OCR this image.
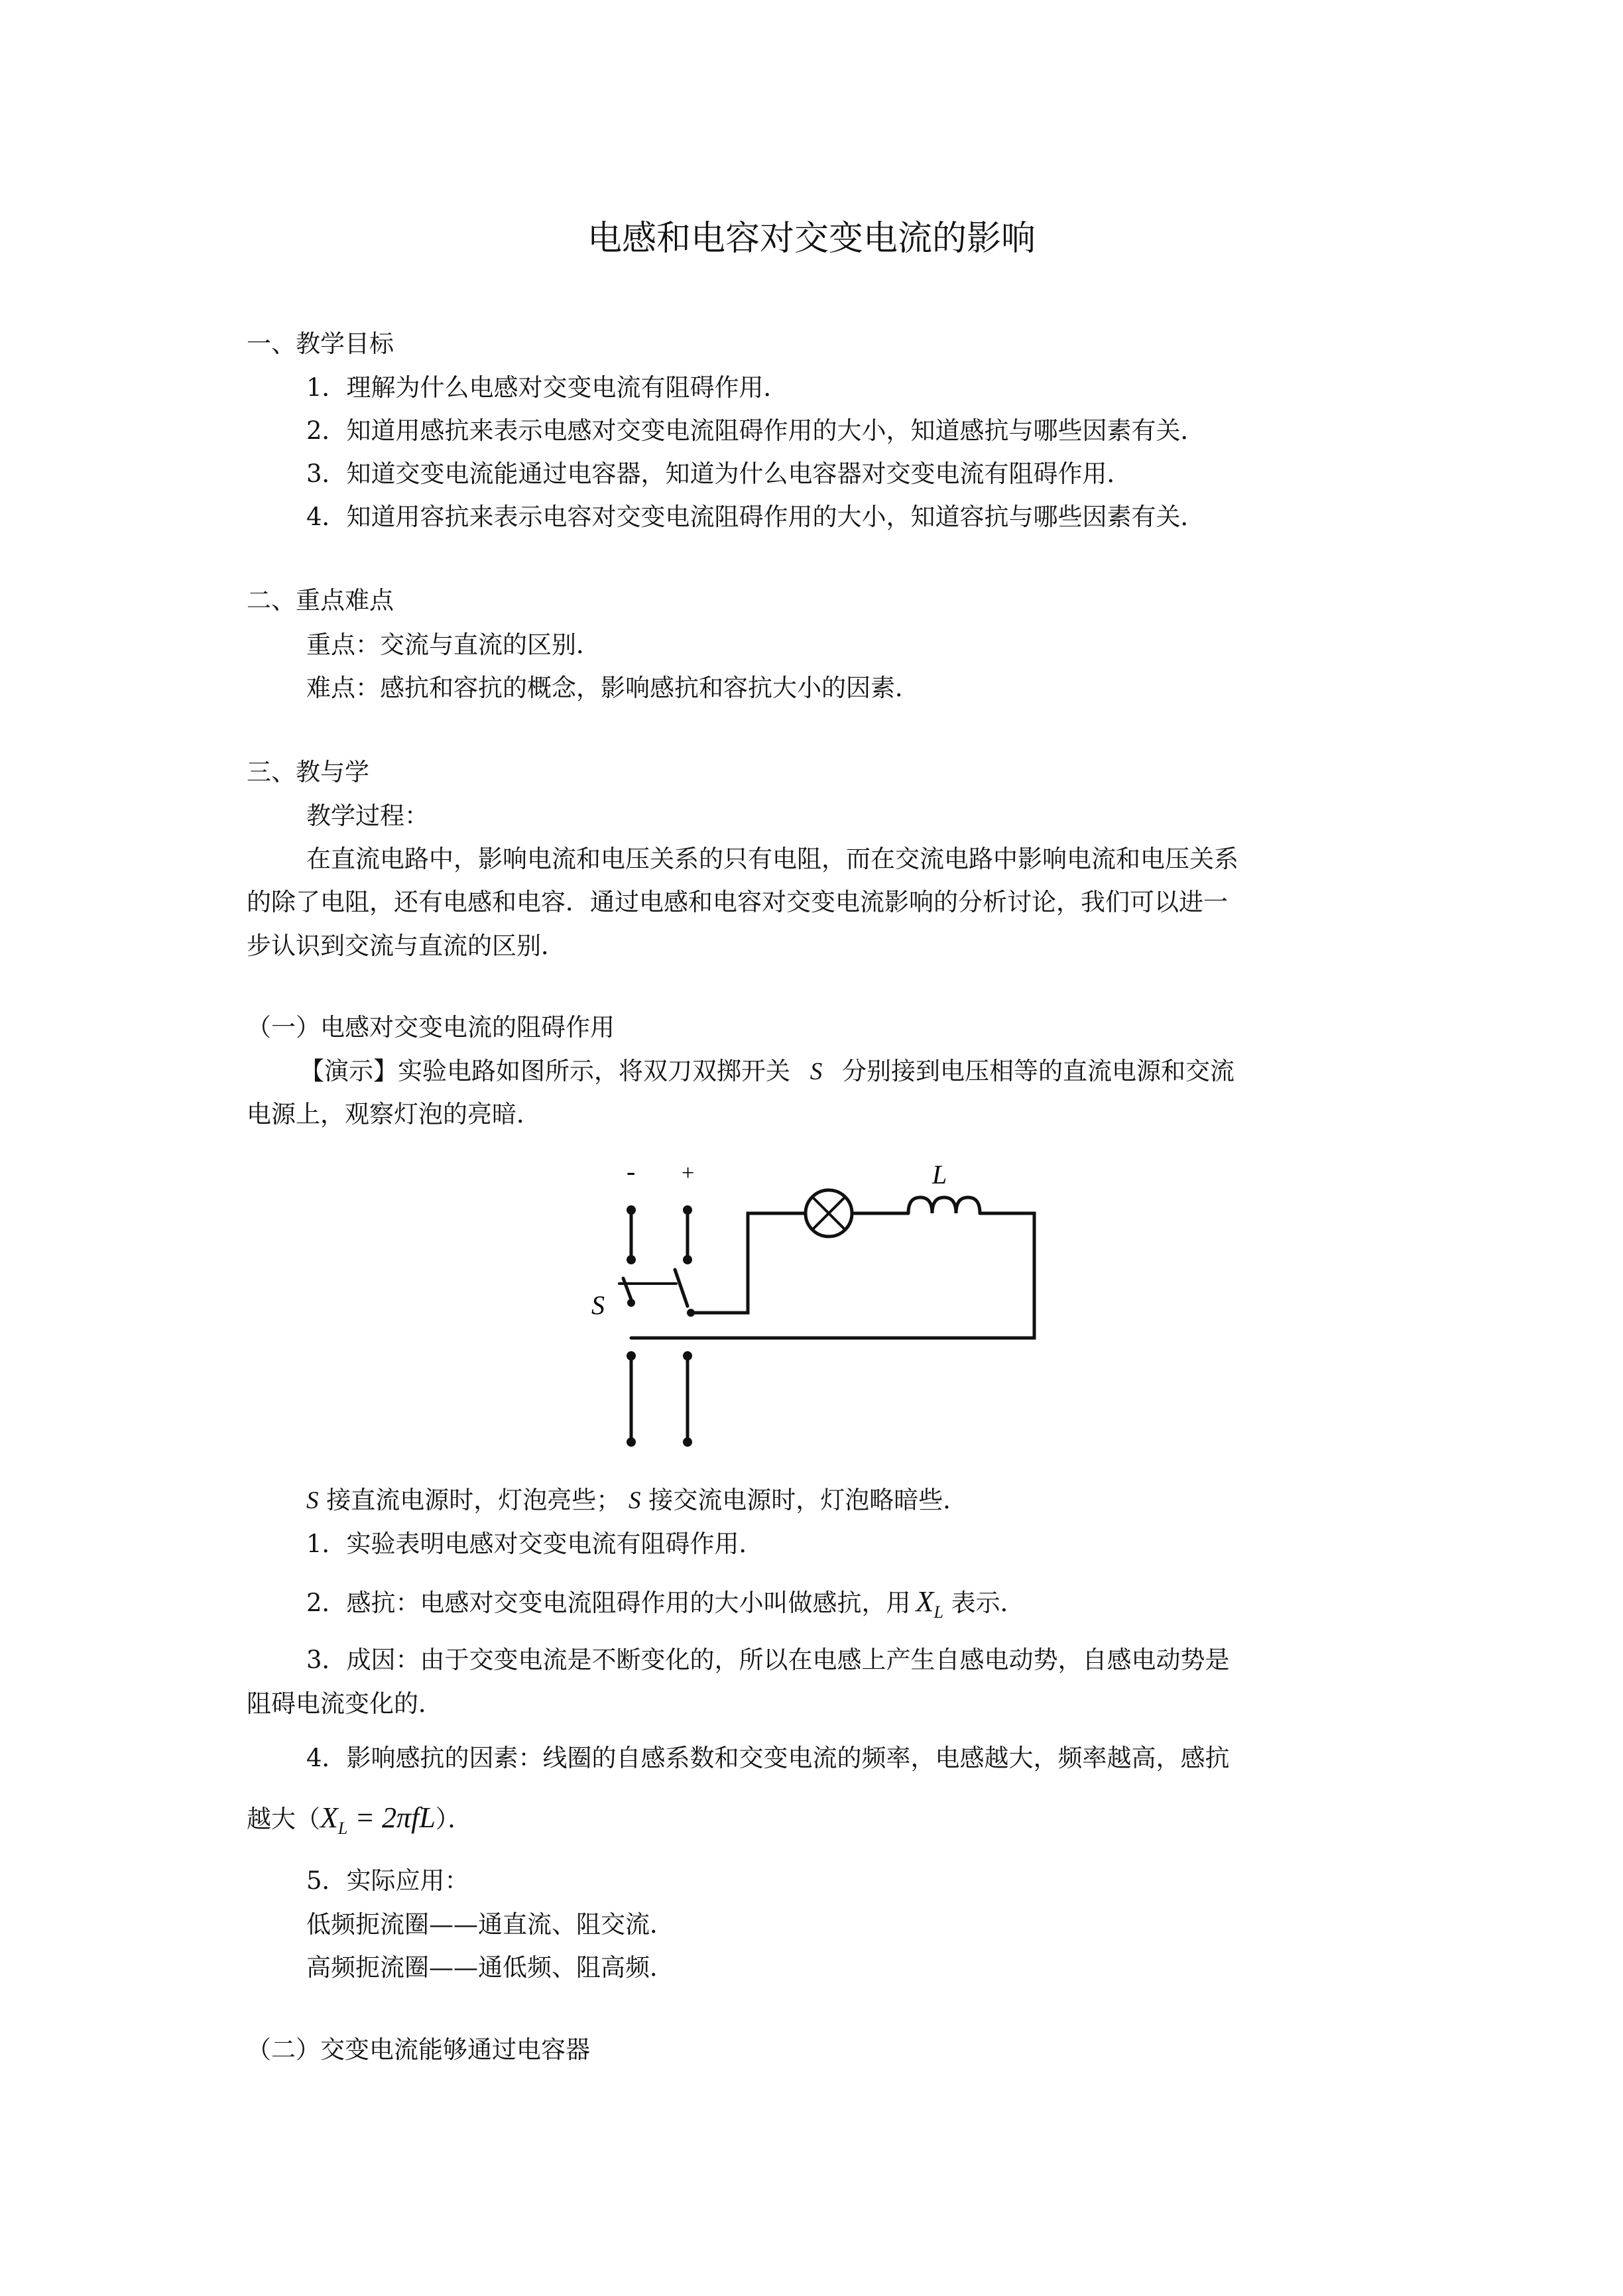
电感和电容对交变电流的影响
一、教学目标
1．理解为什么电感对交变电流有阻碍作用．
2．知道用感抗来表示电感对交变电流阻碍作用的大小，知道感抗与哪些因素有关．
3．知道交变电流能通过电容器，知道为什么电容器对交变电流有阻碍作用．
4．知道用容抗来表示电容对交变电流阻碍作用的大小，知道容抗与哪些因素有关．
二、重点难点
重点：交流与直流的区别．
难点：感抗和容抗的概念，影响感抗和容抗大小的因素．
三、教与学
教学过程：
在直流电路中，影响电流和电压关系的只有电阻，而在交流电路中影响电流和电压关系
的除了电阻，还有电感和电容．通过电感和电容对交变电流影响的分析讨论，我们可以进一
步认识到交流与直流的区别．
（一）电感对交变电流的阻碍作用
【演示】实验电路如图所示，将双刀双掷开关 S 分别接到电压相等的直流电源和交流
电源上，观察灯泡的亮暗．
- +	L
S
S 接直流电源时，灯泡亮些； S 接交流电源时，灯泡略暗些．
1．实验表明电感对交变电流有阻碍作用．
2．感抗：电感对交变电流阻碍作用的大小叫做感抗，用 $X_L$ 表示．
3．成因：由于交变电流是不断变化的，所以在电感上产生自感电动势，自感电动势是
阻碍电流变化的．
4．影响感抗的因素：线圈的自感系数和交变电流的频率，电感越大，频率越高，感抗
越大$(X_L = 2\pi fL)$．
5．实际应用：
低频扼流圈——通直流、阻交流．
高频扼流圈——通低频、阻高频．
（二）交变电流能够通过电容器
